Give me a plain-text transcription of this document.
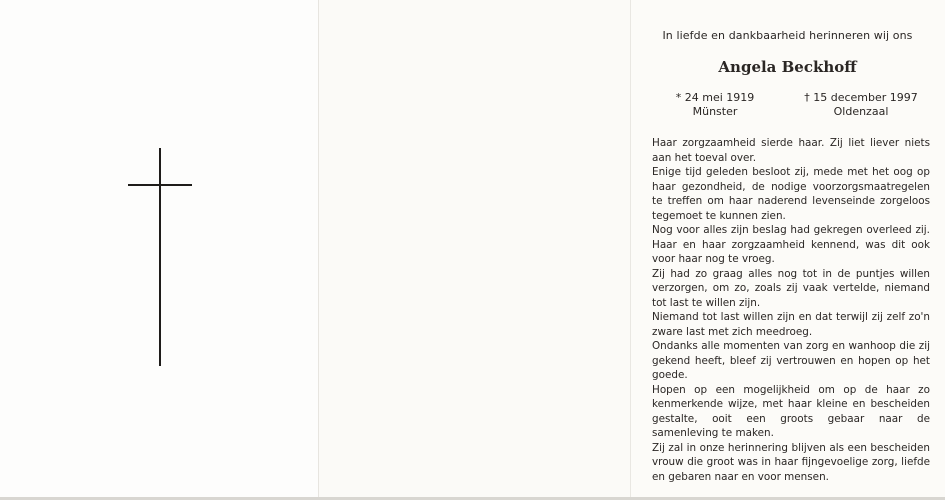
In liefde en dankbaarheid herinneren wij ons
Angela Beckhoff
* 24 mei 1919
Münster
† 15 december 1997
Oldenzaal

Haar zorgzaamheid sierde haar. Zij liet liever niets aan het toeval over.

Enige tijd geleden besloot zij, mede met het oog op haar gezondheid, de nodige voorzorgsmaatregelen te treffen om haar naderend levenseinde zorgeloos tegemoet te kunnen zien.

Nog voor alles zijn beslag had gekregen overleed zij. Haar en haar zorgzaamheid kennend, was dit ook voor haar nog te vroeg.

Zij had zo graag alles nog tot in de puntjes willen verzorgen, om zo, zoals zij vaak vertelde, niemand tot last te willen zijn.

Niemand tot last willen zijn en dat terwijl zij zelf zo'n zware last met zich meedroeg.

Ondanks alle momenten van zorg en wanhoop die zij gekend heeft, bleef zij vertrouwen en hopen op het goede.

Hopen op een mogelijkheid om op de haar zo kenmerkende wijze, met haar kleine en bescheiden gestalte, ooit een groots gebaar naar de samenleving te maken.

Zij zal in onze herinnering blijven als een bescheiden vrouw die groot was in haar fijngevoelige zorg, liefde en gebaren naar en voor mensen.
